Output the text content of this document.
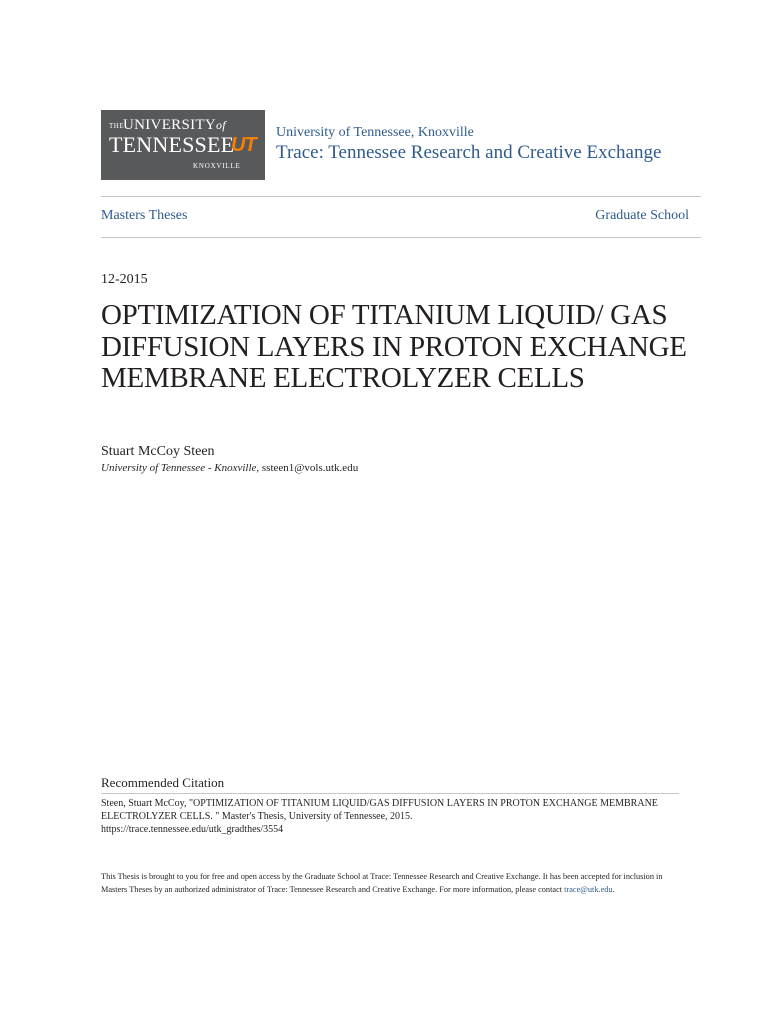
THE
UNIVERSITYof
TENNESSEE
UT
KNOXVILLE
University of Tennessee, Knoxville
Trace: Tennessee Research and Creative Exchange
Masters Theses	Graduate School
12-2015
OPTIMIZATION OF TITANIUM LIQUID/ GAS DIFFUSION LAYERS IN PROTON EXCHANGE MEMBRANE ELECTROLYZER CELLS
Stuart McCoy Steen
University of Tennessee - Knoxville, ssteen1@vols.utk.edu
Recommended Citation
Steen, Stuart McCoy, "OPTIMIZATION OF TITANIUM LIQUID/GAS DIFFUSION LAYERS IN PROTON EXCHANGE MEMBRANE ELECTROLYZER CELLS. " Master's Thesis, University of Tennessee, 2015.
https://trace.tennessee.edu/utk_gradthes/3554
This Thesis is brought to you for free and open access by the Graduate School at Trace: Tennessee Research and Creative Exchange. It has been accepted for inclusion in Masters Theses by an authorized administrator of Trace: Tennessee Research and Creative Exchange. For more information, please contact trace@utk.edu.
